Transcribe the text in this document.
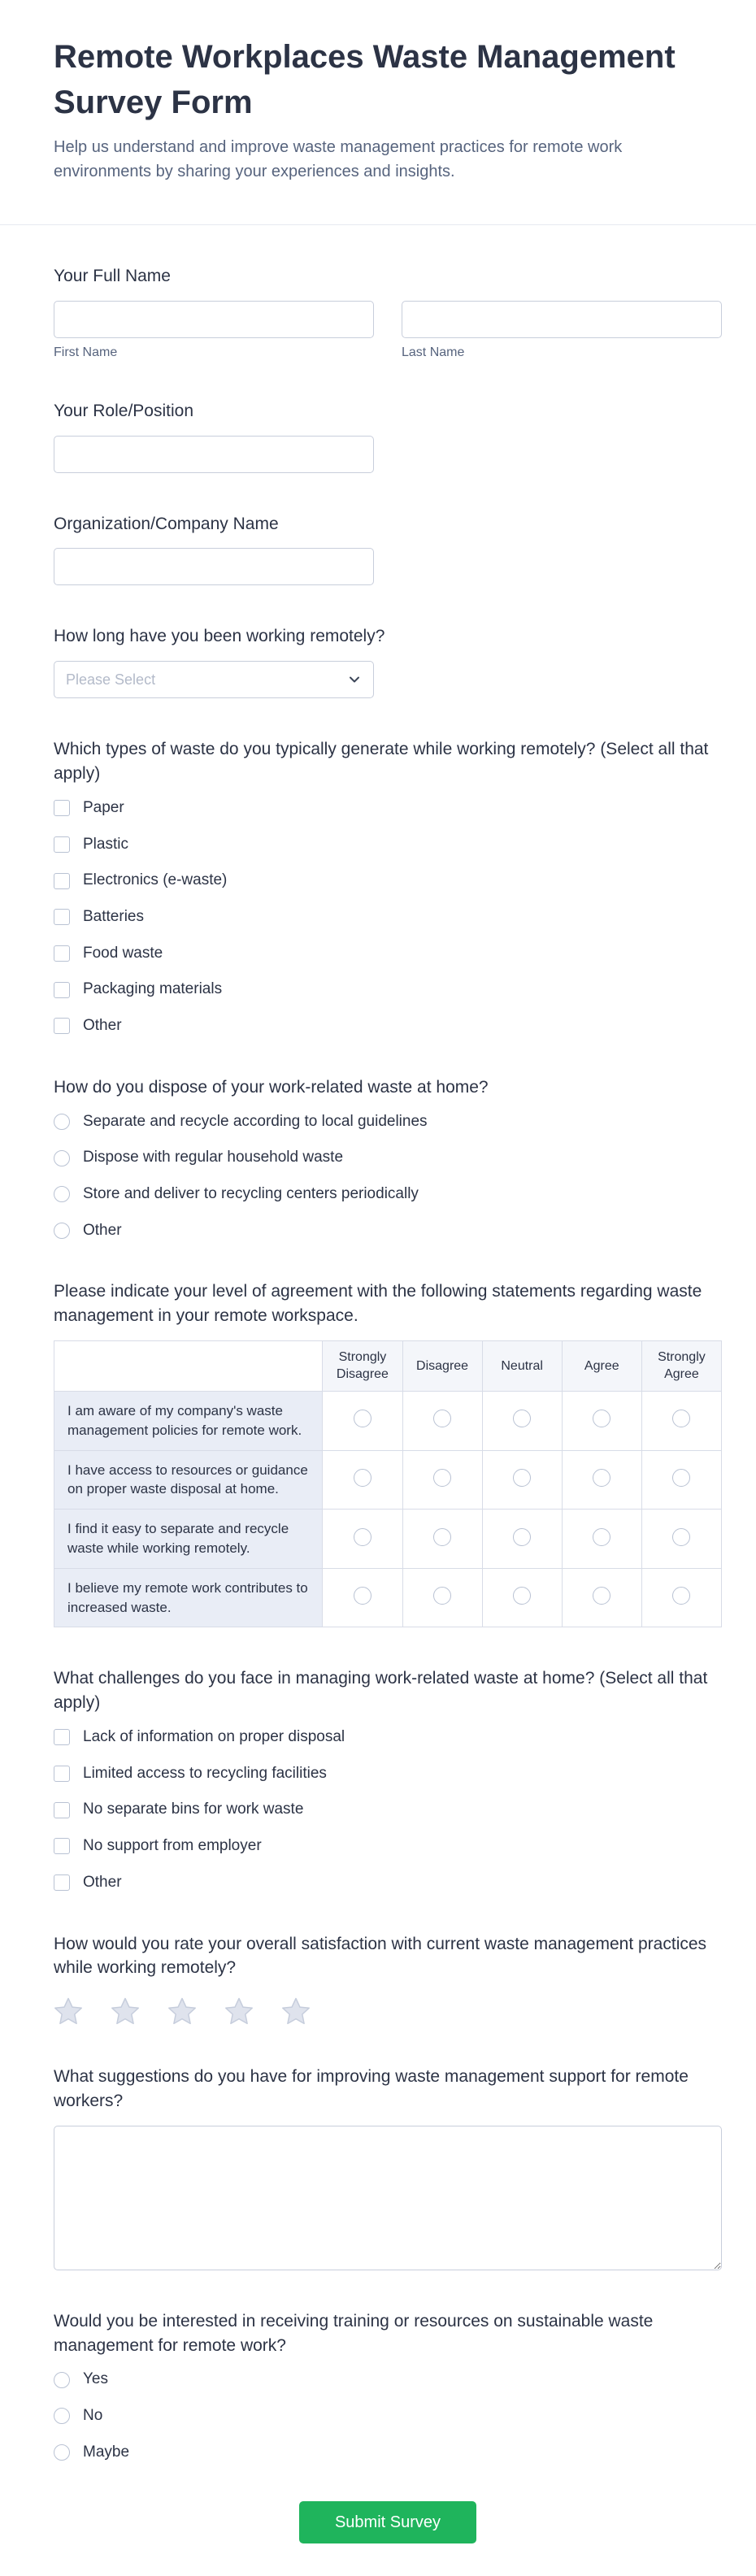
Remote Workplaces Waste Management Survey Form

Help us understand and improve waste management practices for remote work environments by sharing your experiences and insights.

Your Full Name
First Name	Last Name
Your Role/Position
Organization/Company Name
How long have you been working remotely?
Please Select
Which types of waste do you typically generate while working remotely? (Select all that apply)
Paper
Plastic
Electronics (e-waste)
Batteries
Food waste
Packaging materials
Other
How do you dispose of your work-related waste at home?
Separate and recycle according to local guidelines
Dispose with regular household waste
Store and deliver to recycling centers periodically
Other
Please indicate your level of agreement with the following statements regarding waste management in your remote workspace.
	Strongly Disagree	Disagree	Neutral	Agree	Strongly Agree
I am aware of my company's waste management policies for remote work.					
I have access to resources or guidance on proper waste disposal at home.					
I find it easy to separate and recycle waste while working remotely.					
I believe my remote work contributes to increased waste.					
What challenges do you face in managing work-related waste at home? (Select all that apply)
Lack of information on proper disposal
Limited access to recycling facilities
No separate bins for work waste
No support from employer
Other
How would you rate your overall satisfaction with current waste management practices while working remotely?
What suggestions do you have for improving waste management support for remote workers?
Would you be interested in receiving training or resources on sustainable waste management for remote work?
Yes
No
Maybe
Submit Survey
